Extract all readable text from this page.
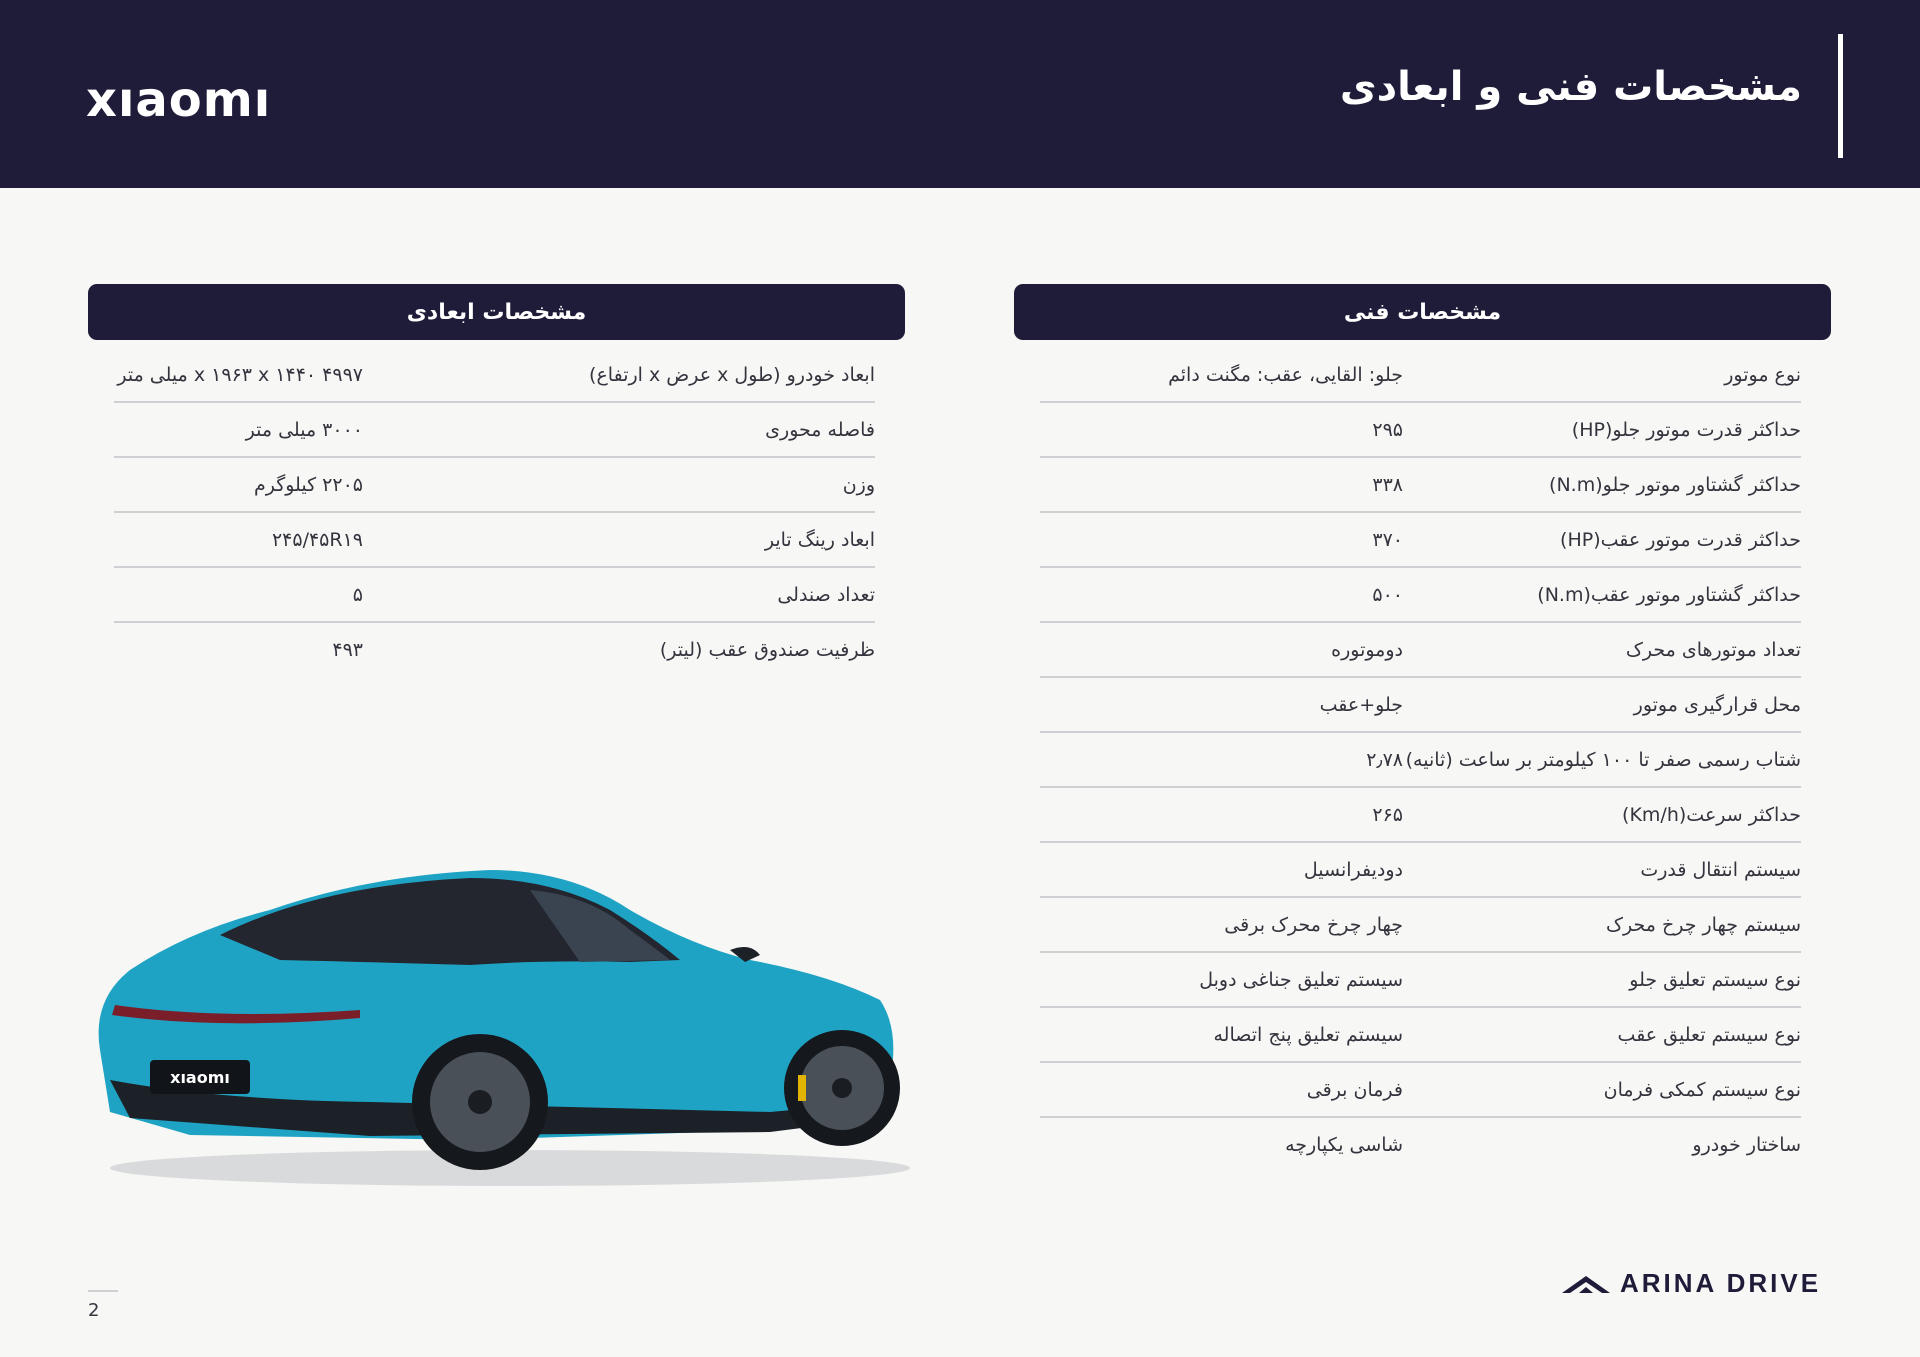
xıaomı	مشخصات فنی و ابعادی
مشخصات فنی
نوع موتور
جلو: القایی، عقب: مگنت دائم
حداکثر قدرت موتور جلو(HP)
۲۹۵
حداکثر گشتاور موتور جلو(N.m)
۳۳۸
حداکثر قدرت موتور عقب(HP)
۳۷۰
حداکثر گشتاور موتور عقب(N.m)
۵۰۰
تعداد موتورهای محرک
دوموتوره
محل قرارگیری موتور
جلو+عقب
شتاب رسمی صفر تا ۱۰۰ کیلومتر بر ساعت (ثانیه)
۲٫۷۸
حداکثر سرعت(Km/h)
۲۶۵
سیستم انتقال قدرت
دودیفرانسیل
سیستم چهار چرخ محرک
چهار چرخ محرک برقی
نوع سیستم تعلیق جلو
سیستم تعلیق جناغی دوبل
نوع سیستم تعلیق عقب
سیستم تعلیق پنج اتصاله
نوع سیستم کمکی فرمان
فرمان برقی
ساختار خودرو
شاسی یکپارچه
مشخصات ابعادی
ابعاد خودرو (طول x عرض x ارتفاع)
۴۹۹۷ x ۱۹۶۳ x ۱۴۴۰ میلی متر
فاصله محوری
۳۰۰۰ میلی متر
وزن
۲۲۰۵ کیلوگرم
ابعاد رینگ تایر
۲۴۵/۴۵R۱۹
تعداد صندلی
۵
ظرفیت صندوق عقب (لیتر)
۴۹۳
xıaomı
2
ARINA DRIVE
